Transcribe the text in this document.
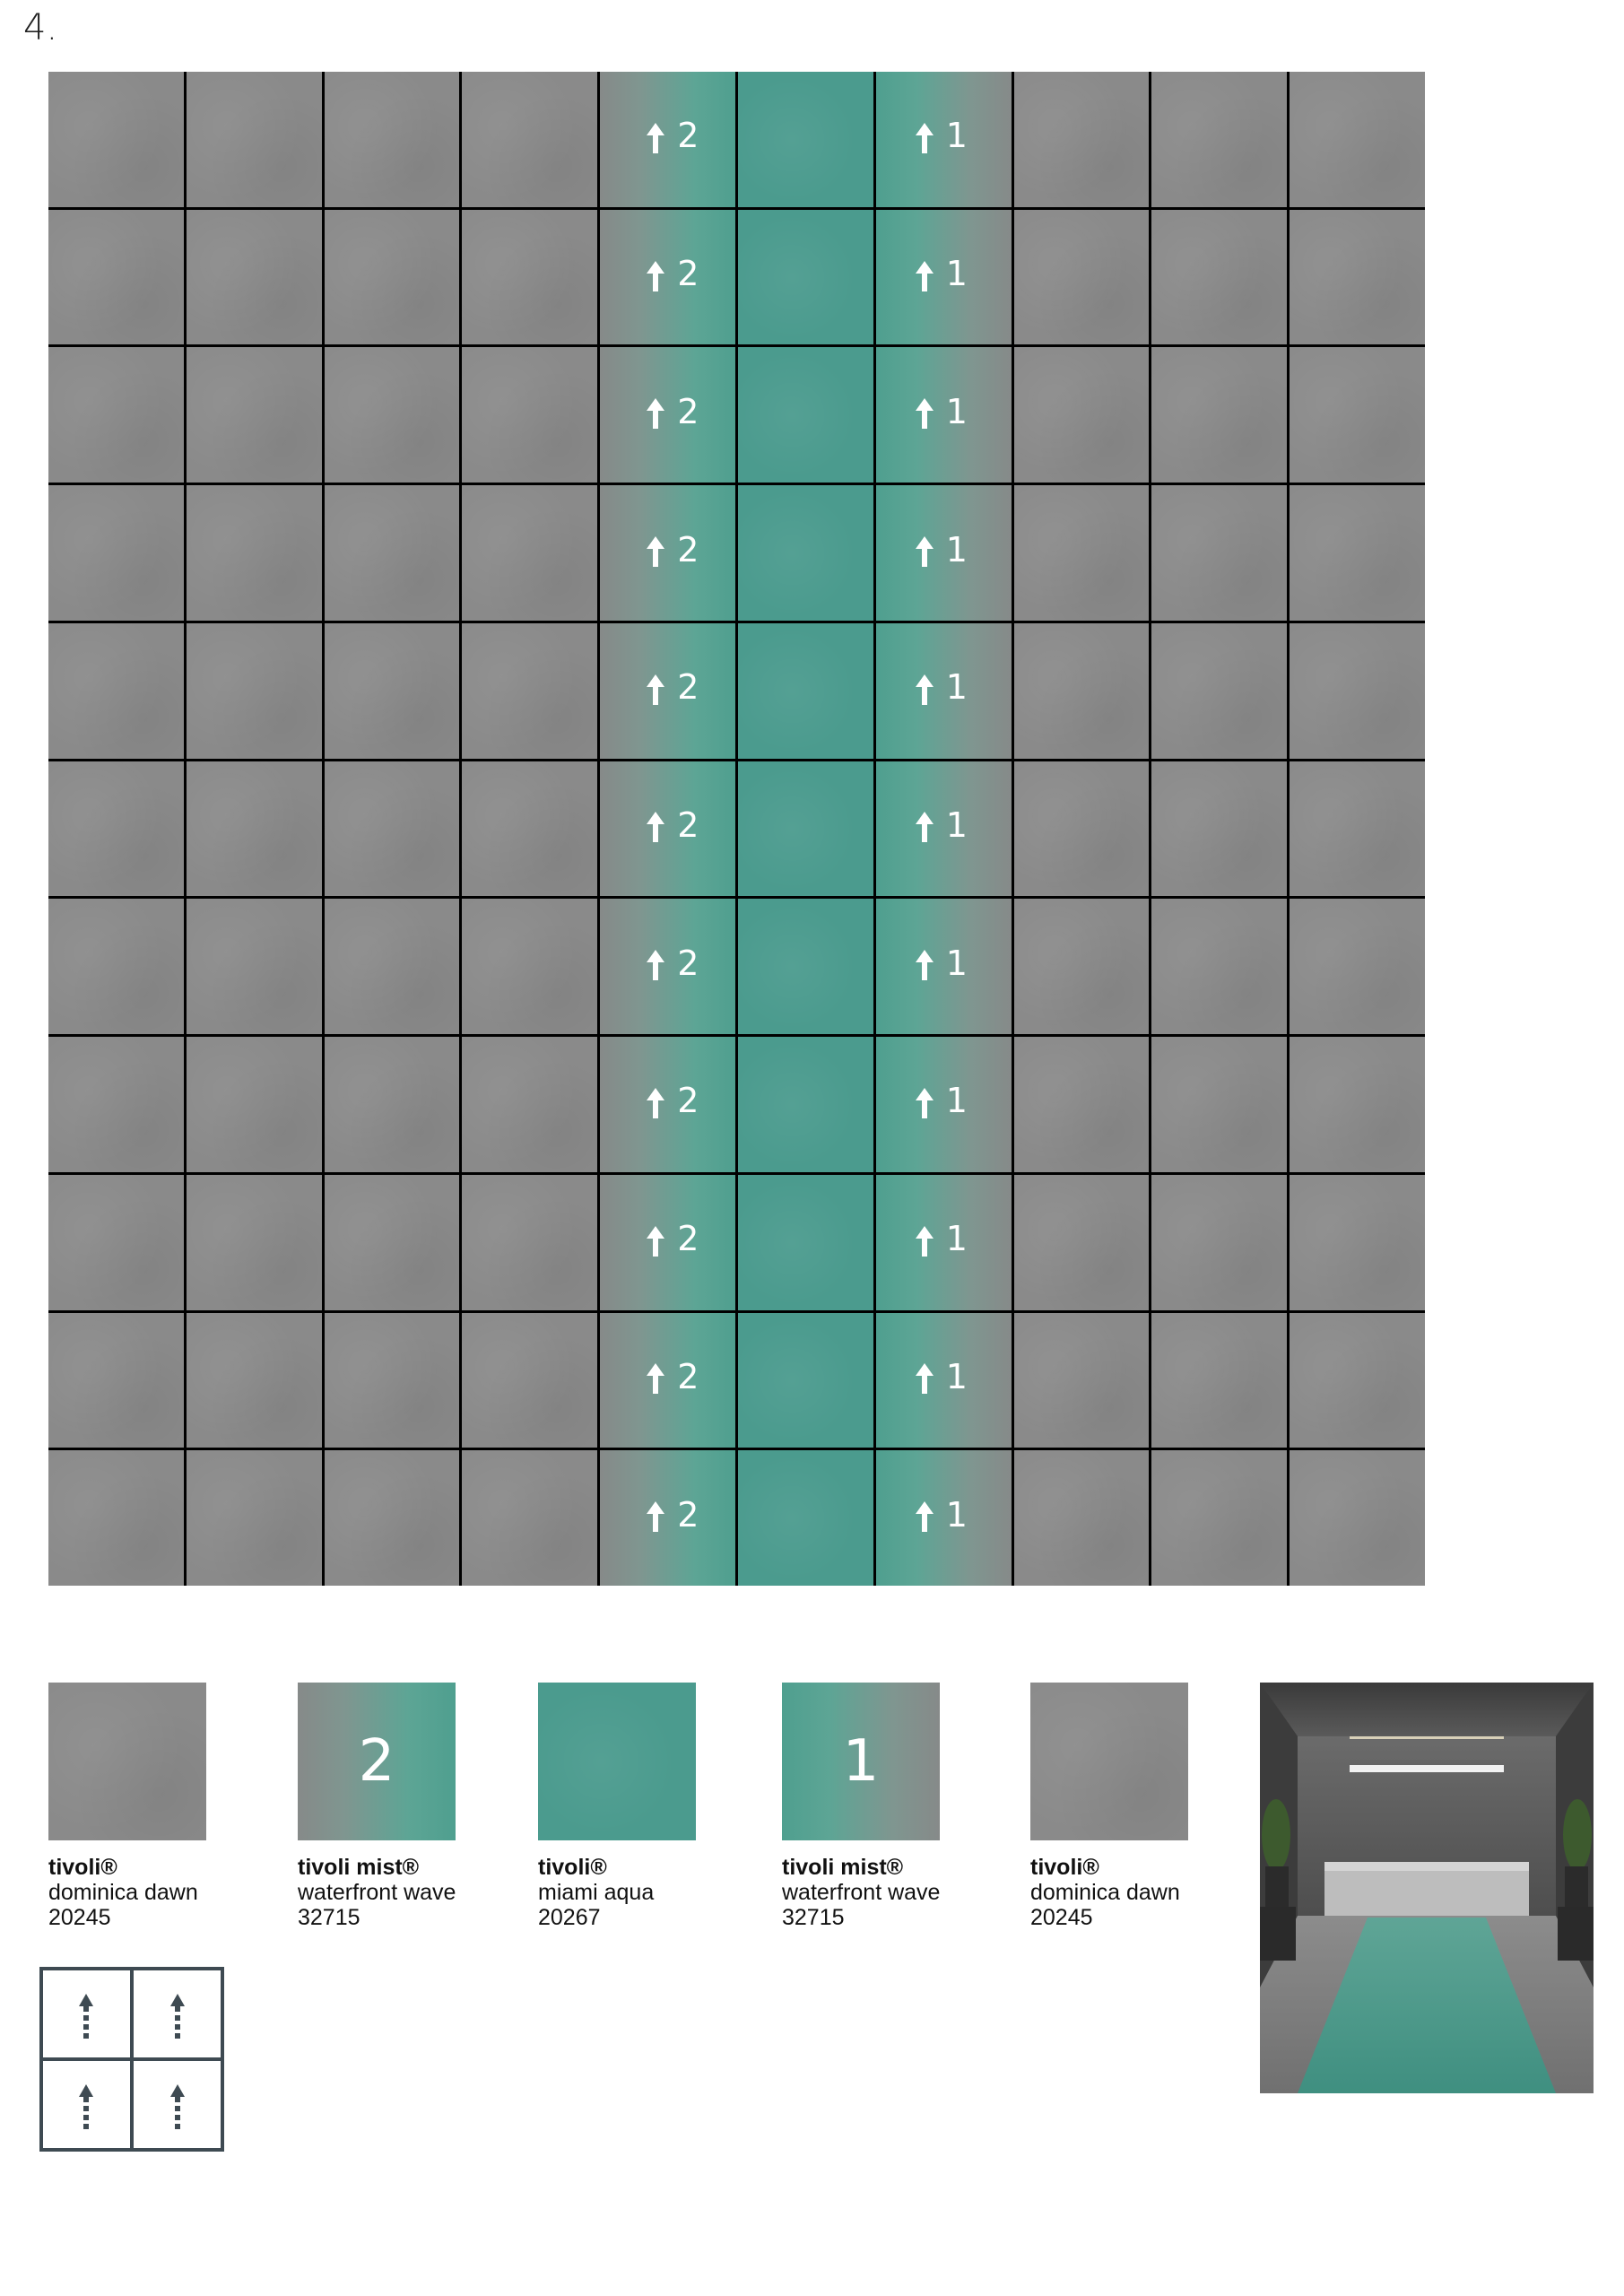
4.
2	1
2	1
2	1
2	1
2	1
2	1
2	1
2	1
2	1
2	1
2	1
2	1
tivoli®
dominica dawn
20245
tivoli mist®
waterfront wave
32715
tivoli®
miami aqua
20267
tivoli mist®
waterfront wave
32715
tivoli®
dominica dawn
20245
